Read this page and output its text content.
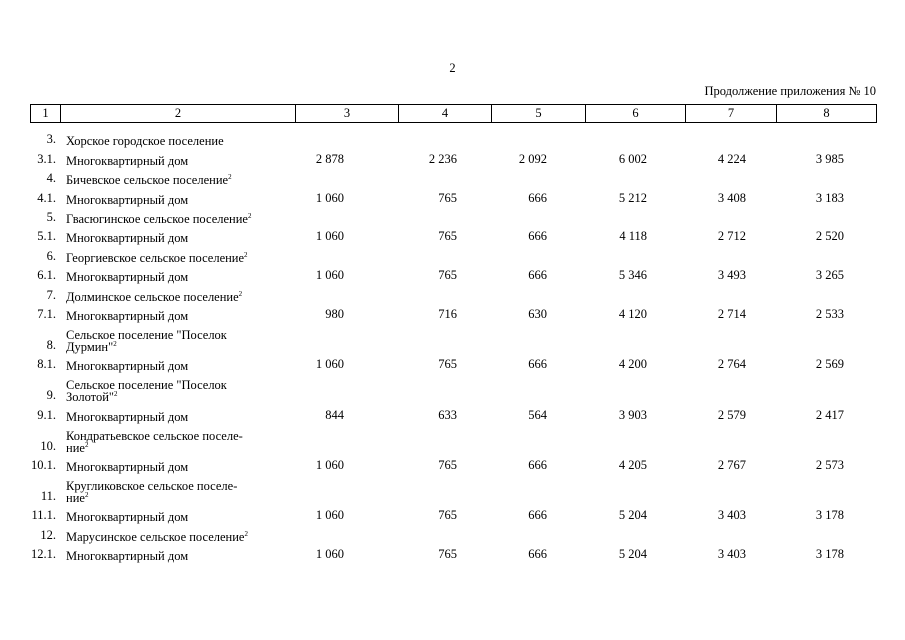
2
Продолжение приложения № 10
1	2	3	4	5	6	7	8
3.	Хорское городское поселение						
3.1.	Многоквартирный дом	2 878	2 236	2 092	6 002	4 224	3 985
4.	Бичевское сельское поселение$^2$						
4.1.	Многоквартирный дом	1 060	765	666	5 212	3 408	3 183
5.	Гвасюгинское сельское поселение$^2$						
5.1.	Многоквартирный дом	1 060	765	666	4 118	2 712	2 520
6.	Георгиевское сельское поселение$^2$						
6.1.	Многоквартирный дом	1 060	765	666	5 346	3 493	3 265
7.	Долминское сельское поселение$^2$						
7.1.	Многоквартирный дом	980	716	630	4 120	2 714	2 533
8.	Сельское поселение "Поселок
Дурмин"$^2$						
8.1.	Многоквартирный дом	1 060	765	666	4 200	2 764	2 569
9.	Сельское поселение "Поселок
Золотой"$^2$						
9.1.	Многоквартирный дом	844	633	564	3 903	2 579	2 417
10.	Кондратьевское сельское поселе-
ние$^2$						
10.1.	Многоквартирный дом	1 060	765	666	4 205	2 767	2 573
11.	Кругликовское сельское поселе-
ние$^2$						
11.1.	Многоквартирный дом	1 060	765	666	5 204	3 403	3 178
12.	Марусинское сельское поселение$^2$						
12.1.	Многоквартирный дом	1 060	765	666	5 204	3 403	3 178
